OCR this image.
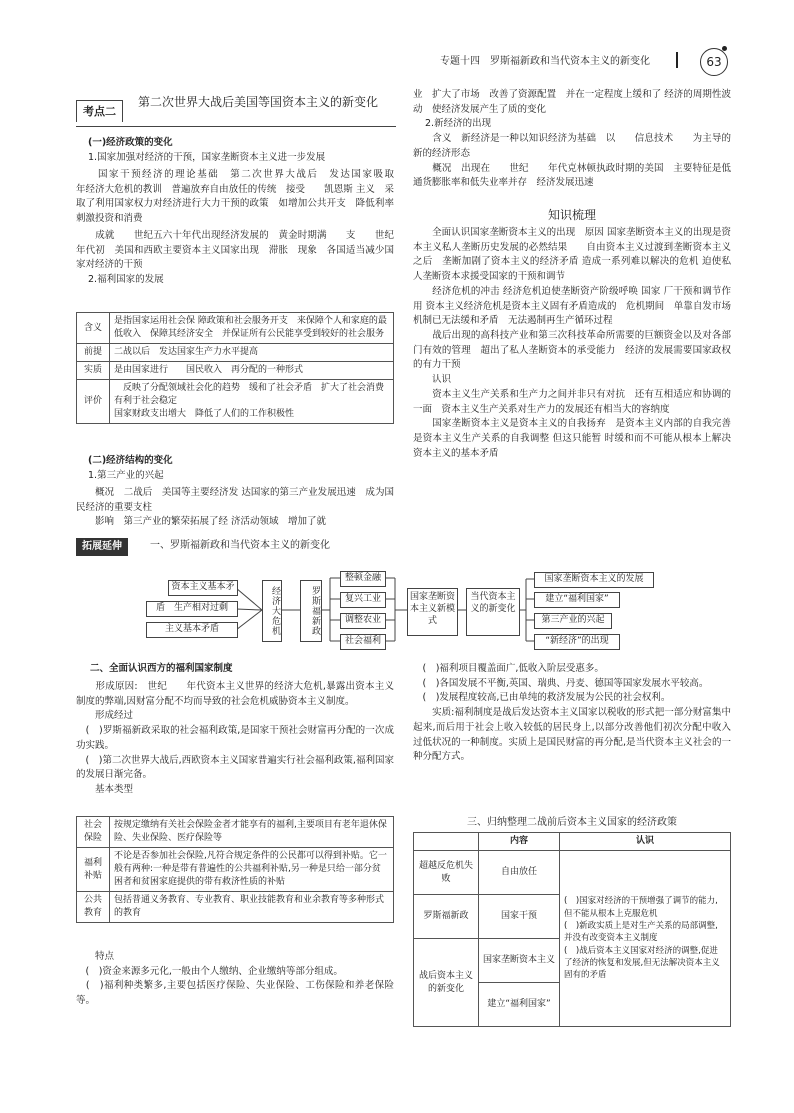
专题十四　罗斯福新政和当代资本主义的新变化	63
考点二
第二次世界大战后美国等国资本主义的新变化

(一)经济政策的变化

1.国家加强对经济的干预，国家垄断资本主义进一步发展

　　国家干预经济的理论基础　第二次世界大战后　发达国家吸取　　　　　年经济大危机的教训　普遍放弃自由放任的传统　接受　　凯恩斯 主义　采取了利用国家权力对经济进行大力干预的政策　如增加公共开支　降低利率　刺激投资和消费

　　成就　　世纪五六十年代出现经济发展的　黄金时期满　　支　　世纪　　年代初　美国和西欧主要资本主义国家出现　滞胀　现象　各国适当减少国家对经济的干预

2.福利国家的发展

含义	是指国家运用社会保 障政策和社会服务开支　来保障个人和家庭的最低收入　保障其经济安全　并保证所有公民能享受到较好的社会服务
前提	二战以后　发达国家生产力水平提高
实质	是由国家进行　　国民收入　再分配的一种形式
评价	　反映了分配领域社会化的趋势　缓和了社会矛盾　扩大了社会消费　有利于社会稳定
国家财政支出增大　降低了人们的工作积极性

(二)经济结构的变化

1.第三产业的兴起

　　概况　二战后　美国等主要经济发 达国家的第三产业发展迅速　成为国民经济的重要支柱

　　影响　第三产业的繁荣拓展了经 济活动领域　增加了就

拓展延伸	一、罗斯福新政和当代资本主义的新变化

业　扩大了市场　改善了资源配置　并在一定程度上缓和了 经济的周期性波动　使经济发展产生了质的变化

2.新经济的出现

　　含义　新经济是一种以知识经济为基础　以　　信息技术　　为主导的新的经济形态

　　概况　出现在　　世纪　　年代克林顿执政时期的美国　主要特征是低通货膨胀率和低失业率并存　经济发展迅速

知识梳理

　　全面认识国家垄断资本主义的出现　原因 国家垄断资本主义的出现是资本主义私人垄断历史发展的必然结果　　自由资本主义过渡到垄断资本主义之后　垄断加剧了资本主义的经济矛盾 造成一系列难以解决的危机 迫使私 人垄断资本求援受国家的干预和调节

　　经济危机的冲击 经济危机迫使垄断资产阶级呼唤 国家 厂干预和调节作用 资本主义经济危机是资本主义固有矛盾造成的　危机期间　单靠自发市场机制已无法缓和矛盾　无法遏制再生产循环过程

　　战后出现的高科技产业和第三次科技革命所需要的巨额资金以及对各部门有效的管理　超出了私人垄断资本的承受能力　经济的发展需要国家政权的有力干预

　　认识

　　资本主义生产关系和生产力之间并非只有对抗　还有互相适应和协调的一面　资本主义生产关系对生产力的发展还有相当大的容纳度

　　国家垄断资本主义是资本主义的自我扬弃　是资本主义内部的自我完善 是资本主义生产关系的自我调整 但这只能暂 时缓和而不可能从根本上解决资本主义的基本矛盾

资本主义基本矛
盾　生产相对过剩
主义基本矛盾	经济大危机	罗斯福新政
整顿金融
复兴工业
调整农业
社会福利
国家垄断资本主义新模式
当代资本主义的新变化
国家垄断资本主义的发展
建立“福利国家”
第三产业的兴起
“新经济”的出现

二、全面认识西方的福利国家制度

　　形成原因:　世纪　　年代资本主义世界的经济大危机,暴露出资本主义制度的弊端,因财富分配不均而导致的社会危机威胁资本主义制度。

　　形成经过

　(　)罗斯福新政采取的社会福利政策,是国家干预社会财富再分配的一次成功实践。

　(　)第二次世界大战后,西欧资本主义国家普遍实行社会福利政策,福利国家的发展日渐完备。

　　基本类型

社会
保险	按规定缴纳有关社会保险金者才能享有的福利,主要项目有老年退休保险、失业保险、医疗保险等
福利
补贴	不论是否参加社会保险,凡符合规定条件的公民都可以得到补贴。它一般有两种:一种是带有普遍性的公共福利补贴,另一种是只给一部分贫困者和贫困家庭提供的带有救济性质的补贴
公共
教育	包括普通义务教育、专业教育、职业技能教育和业余教育等多种形式的教育

　　特点

　(　)资金来源多元化,一般由个人缴纳、企业缴纳等部分组成。

　(　)福利种类繁多,主要包括医疗保险、失业保险、工伤保险和养老保险等。

　(　)福利项目覆盖面广,低收入阶层受惠多。

　(　)各国发展不平衡,英国、瑞典、丹麦、德国等国家发展水平较高。

　(　)发展程度较高,已由单纯的救济发展为公民的社会权利。

　　实质:福利制度是战后发达资本主义国家以税收的形式把一部分财富集中起来,而后用于社会上收入较低的居民身上,以部分改善他们初次分配中收入过低状况的一种制度。实质上是国民财富的再分配,是当代资本主义社会的一种分配方式。

三、归纳整理二战前后资本主义国家的经济政策
	内容	认识
超越反危机失败	自由放任	(　)国家对经济的干预增强了调节的能力,但不能从根本上克服危机
(　)新政实质上是对生产关系的局部调整,并没有改变资本主义制度
(　)战后资本主义国家对经济的调整,促进了经济的恢复和发展,但无法解决资本主义固有的矛盾
罗斯福新政	国家干预	
战后资本主义的新变化	国家垄断资本主义	
	建立“福利国家”	
